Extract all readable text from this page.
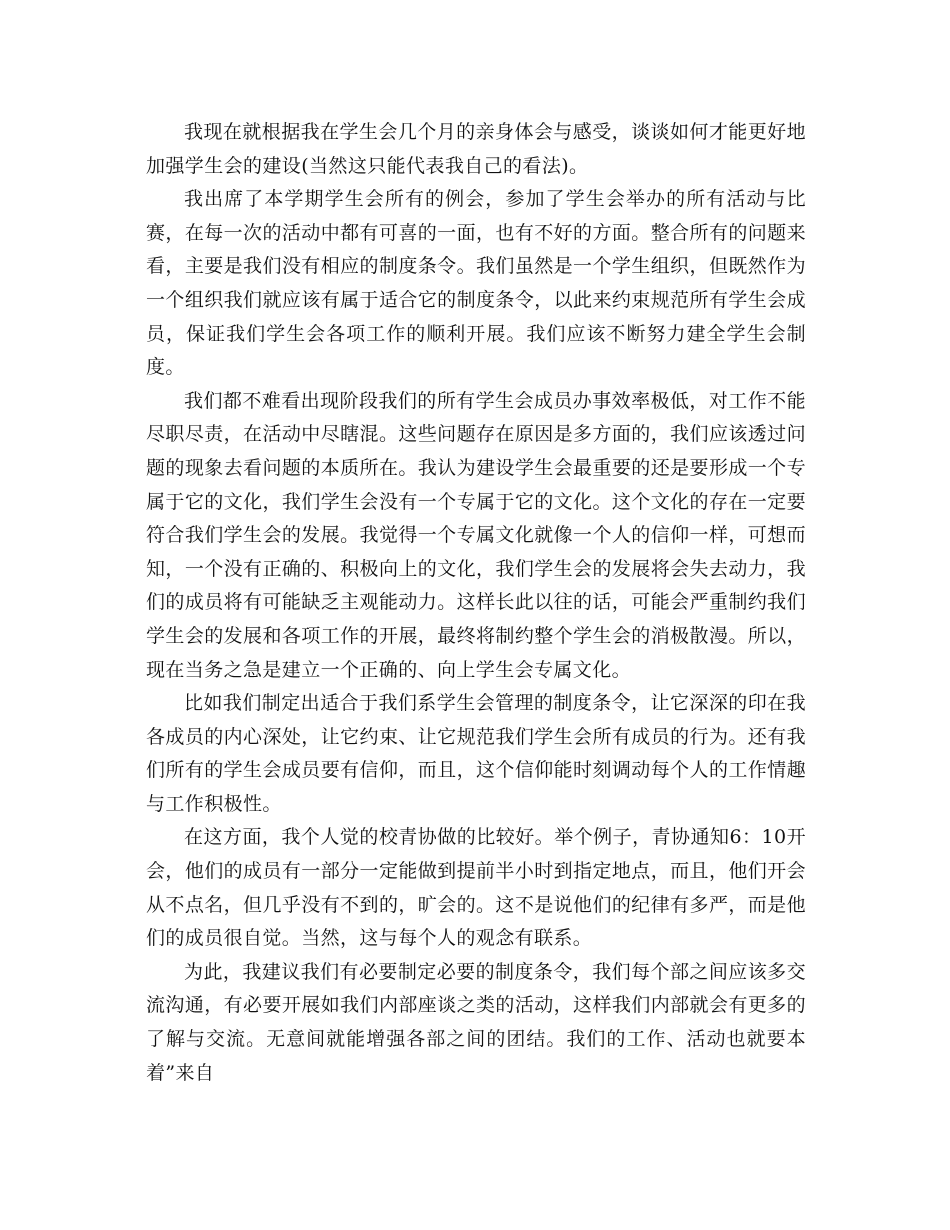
我现在就根据我在学生会几个月的亲身体会与感受，谈谈如何才能更好地加强学生会的建设(当然这只能代表我自己的看法)。

我出席了本学期学生会所有的例会，参加了学生会举办的所有活动与比赛，在每一次的活动中都有可喜的一面，也有不好的方面。整合所有的问题来看，主要是我们没有相应的制度条令。我们虽然是一个学生组织，但既然作为一个组织我们就应该有属于适合它的制度条令，以此来约束规范所有学生会成员，保证我们学生会各项工作的顺利开展。我们应该不断努力建全学生会制度。

我们都不难看出现阶段我们的所有学生会成员办事效率极低，对工作不能尽职尽责，在活动中尽瞎混。这些问题存在原因是多方面的，我们应该透过问题的现象去看问题的本质所在。我认为建设学生会最重要的还是要形成一个专属于它的文化，我们学生会没有一个专属于它的文化。这个文化的存在一定要符合我们学生会的发展。我觉得一个专属文化就像一个人的信仰一样，可想而知，一个没有正确的、积极向上的文化，我们学生会的发展将会失去动力，我们的成员将有可能缺乏主观能动力。这样长此以往的话，可能会严重制约我们学生会的发展和各项工作的开展，最终将制约整个学生会的消极散漫。所以，现在当务之急是建立一个正确的、向上学生会专属文化。

比如我们制定出适合于我们系学生会管理的制度条令，让它深深的印在我各成员的内心深处，让它约束、让它规范我们学生会所有成员的行为。还有我们所有的学生会成员要有信仰，而且，这个信仰能时刻调动每个人的工作情趣与工作积极性。

在这方面，我个人觉的校青协做的比较好。举个例子，青协通知6：10开会，他们的成员有一部分一定能做到提前半小时到指定地点，而且，他们开会从不点名，但几乎没有不到的，旷会的。这不是说他们的纪律有多严，而是他们的成员很自觉。当然，这与每个人的观念有联系。

为此，我建议我们有必要制定必要的制度条令，我们每个部之间应该多交流沟通，有必要开展如我们内部座谈之类的活动，这样我们内部就会有更多的了解与交流。无意间就能增强各部之间的团结。我们的工作、活动也就要本着”来自
